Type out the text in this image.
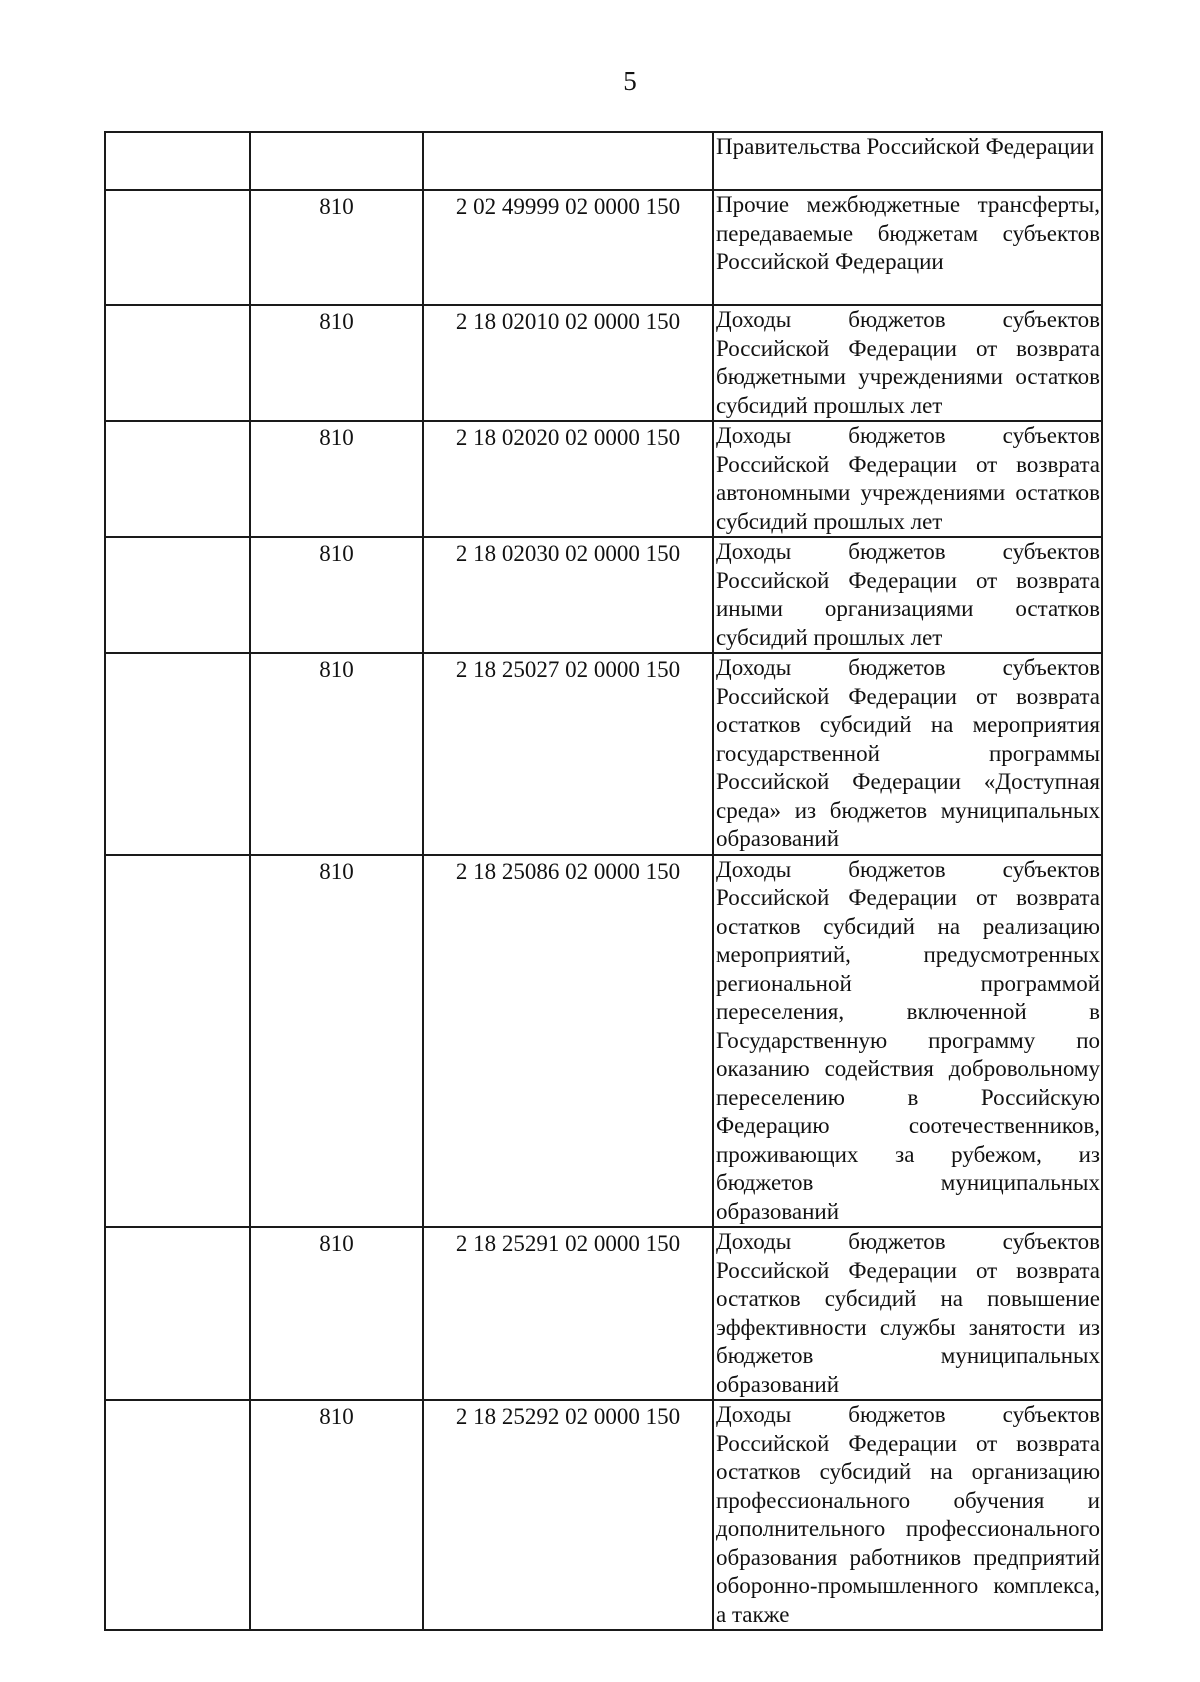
5
			Правительства Российской Федерации
	810	2 02 49999 02 0000 150	Прочие межбюджетные трансферты, передаваемые бюджетам субъектов Российской Федерации
	810	2 18 02010 02 0000 150	Доходы бюджетов субъектов Российской Федерации от возврата бюджетными учреждениями остатков субсидий прошлых лет
	810	2 18 02020 02 0000 150	Доходы бюджетов субъектов Российской Федерации от возврата автономными учреждениями остатков субсидий прошлых лет
	810	2 18 02030 02 0000 150	Доходы бюджетов субъектов Российской Федерации от возврата иными организациями остатков субсидий прошлых лет
	810	2 18 25027 02 0000 150	Доходы бюджетов субъектов Российской Федерации от возврата остатков субсидий на мероприятия государственной программы Российской Федерации «Доступная среда» из бюджетов муниципальных образований
	810	2 18 25086 02 0000 150	Доходы бюджетов субъектов Российской Федерации от возврата остатков субсидий на реализацию мероприятий, предусмотренных региональной программой переселения, включенной в Государственную программу по оказанию содействия добровольному переселению в Российскую Федерацию соотечественников, проживающих за рубежом, из бюджетов муниципальных образований
	810	2 18 25291 02 0000 150	Доходы бюджетов субъектов Российской Федерации от возврата остатков субсидий на повышение эффективности службы занятости из бюджетов муниципальных образований
	810	2 18 25292 02 0000 150	Доходы бюджетов субъектов Российской Федерации от возврата остатков субсидий на организацию профессионального обучения и дополнительного профессионального образования работников предприятий оборонно-промышленного комплекса, а также
